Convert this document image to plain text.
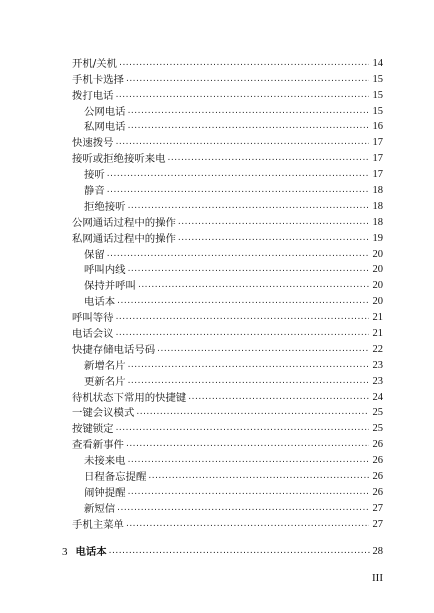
开机/关机 .....	14
手机卡选择 .....	15
拨打电话 .....	15
公网电话 .....	15
私网电话 .....	16
快速拨号 .....	17
接听或拒绝接听来电 .....	17
接听 .....	17
静音 .....	18
拒绝接听 .....	18
公网通话过程中的操作 .....	18
私网通话过程中的操作 .....	19
保留 .....	20
呼叫内线 .....	20
保持并呼叫 .....	20
电话本 .....	20
呼叫等待 .....	21
电话会议 .....	21
快捷存储电话号码 .....	22
新增名片 .....	23
更新名片 .....	23
待机状态下常用的快捷键 .....	24
一键会议模式 .....	25
按键锁定 .....	25
查看新事件 .....	26
未接来电 .....	26
日程备忘提醒 .....	26
闹钟提醒 .....	26
新短信 .....	27
手机主菜单 .....	27
3 电话本 .....	28
III
